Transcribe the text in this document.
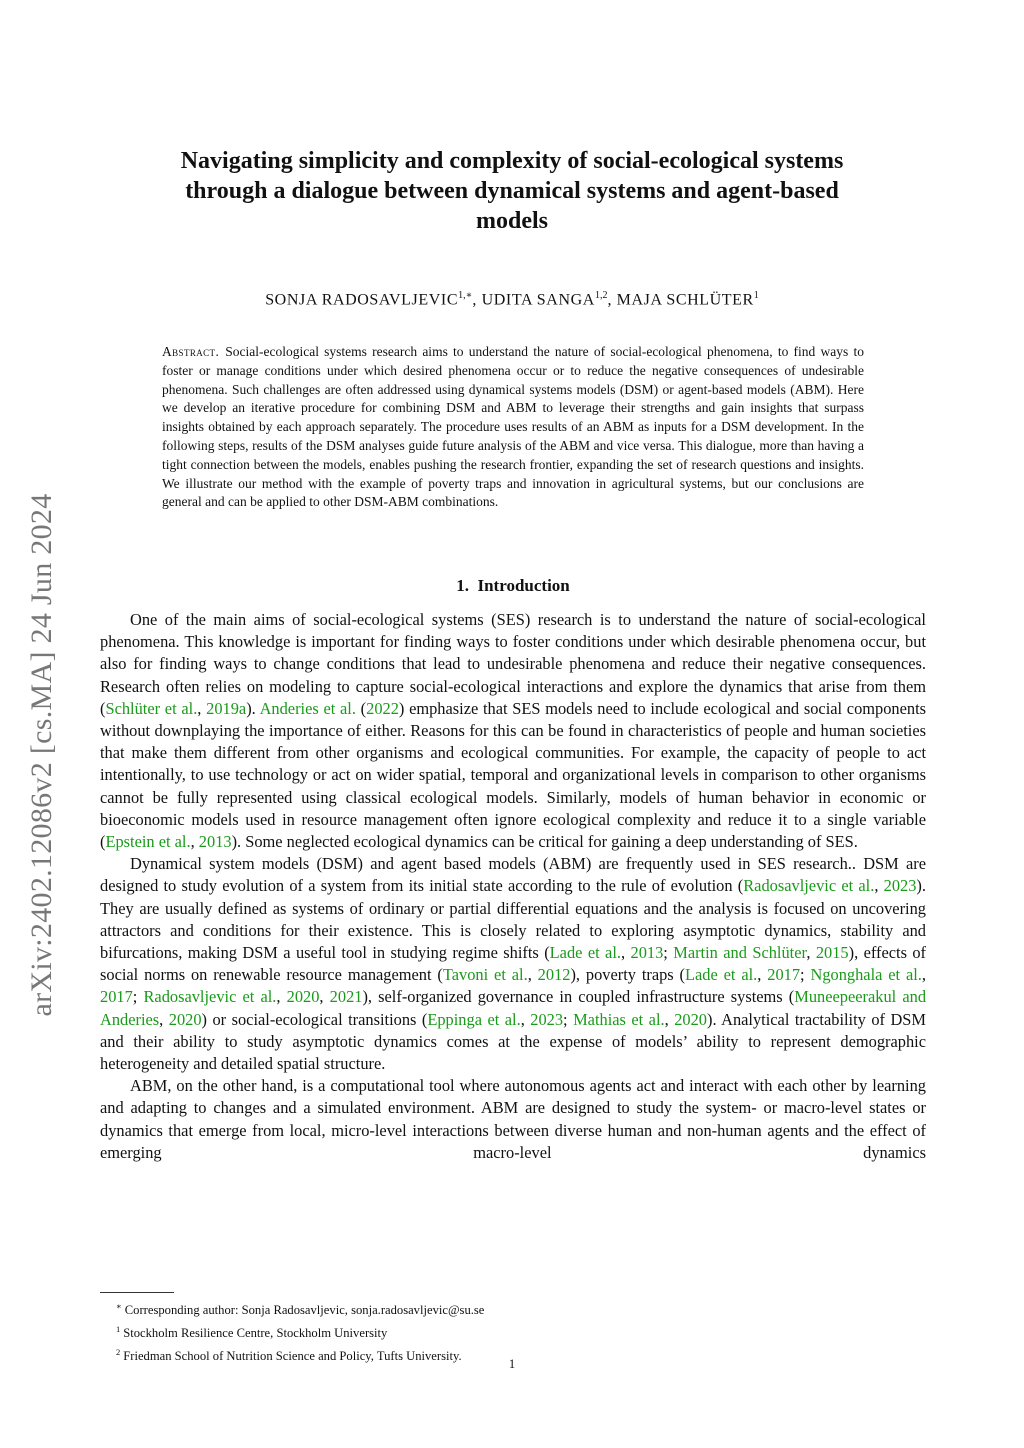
arXiv:2402.12086v2 [cs.MA] 24 Jun 2024
Navigating simplicity and complexity of social-ecological systems
through a dialogue between dynamical systems and agent-based
models
SONJA $RADOSAVLJEVIC^{1,∗}$, UDITA SANGA$^{1,2}$, MAJA SCHLÜTER$^1$
Abstract. Social-ecological systems research aims to understand the nature of social-ecological phenomena, to find ways to foster or manage conditions under which desired phenomena occur or to reduce the negative consequences of undesirable phenomena. Such challenges are often addressed using dynamical systems models (DSM) or agent-based models (ABM). Here we develop an iterative procedure for combining DSM and ABM to leverage their strengths and gain insights that surpass insights obtained by each approach separately. The procedure uses results of an ABM as inputs for a DSM development. In the following steps, results of the DSM analyses guide future analysis of the ABM and vice versa. This dialogue, more than having a tight connection between the models, enables pushing the research frontier, expanding the set of research questions and insights. We illustrate our method with the example of poverty traps and innovation in agricultural systems, but our conclusions are general and can be applied to other DSM-ABM combinations.
1. Introduction

One of the main aims of social-ecological systems (SES) research is to understand the nature of social-ecological phenomena. This knowledge is important for finding ways to foster conditions under which desirable phenomena occur, but also for finding ways to change conditions that lead to undesirable phenomena and reduce their negative consequences. Research often relies on modeling to capture social-ecological interactions and explore the dynamics that arise from them (Schlüter et al., 2019a). Anderies et al. (2022) emphasize that SES models need to include ecological and social components without downplaying the importance of either. Reasons for this can be found in characteristics of people and human societies that make them different from other organisms and ecological communities. For example, the capacity of people to act intentionally, to use technology or act on wider spatial, temporal and organizational levels in comparison to other organisms cannot be fully represented using classical ecological models. Similarly, models of human behavior in economic or bioeconomic models used in resource management often ignore ecological complexity and reduce it to a single variable (Epstein et al., 2013). Some neglected ecological dynamics can be critical for gaining a deep understanding of SES.

Dynamical system models (DSM) and agent based models (ABM) are frequently used in SES research.. DSM are designed to study evolution of a system from its initial state according to the rule of evolution (Radosavljevic et al., 2023). They are usually defined as systems of ordinary or partial differential equations and the analysis is focused on uncovering attractors and conditions for their existence. This is closely related to exploring asymptotic dynamics, stability and bifurcations, making DSM a useful tool in studying regime shifts (Lade et al., 2013; Martin and Schlüter, 2015), effects of social norms on renewable resource management (Tavoni et al., 2012), poverty traps (Lade et al., 2017; Ngonghala et al., 2017; Radosavljevic et al., 2020, 2021), self-organized governance in coupled infrastructure systems (Muneepeerakul and Anderies, 2020) or social-ecological transitions (Eppinga et al., 2023; Mathias et al., 2020). Analytical tractability of DSM and their ability to study asymptotic dynamics comes at the expense of models’ ability to represent demographic heterogeneity and detailed spatial structure.

ABM, on the other hand, is a computational tool where autonomous agents act and interact with each other by learning and adapting to changes and a simulated environment. ABM are designed to study the system- or macro-level states or dynamics that emerge from local, micro-level interactions between diverse human and non-human agents and the effect of emerging macro-level dynamics

∗ Corresponding author: Sonja Radosavljevic, sonja.radosavljevic@su.se
$^1$ Stockholm Resilience Centre, Stockholm University
$^2$ Friedman School of Nutrition Science and Policy, Tufts University.
1
